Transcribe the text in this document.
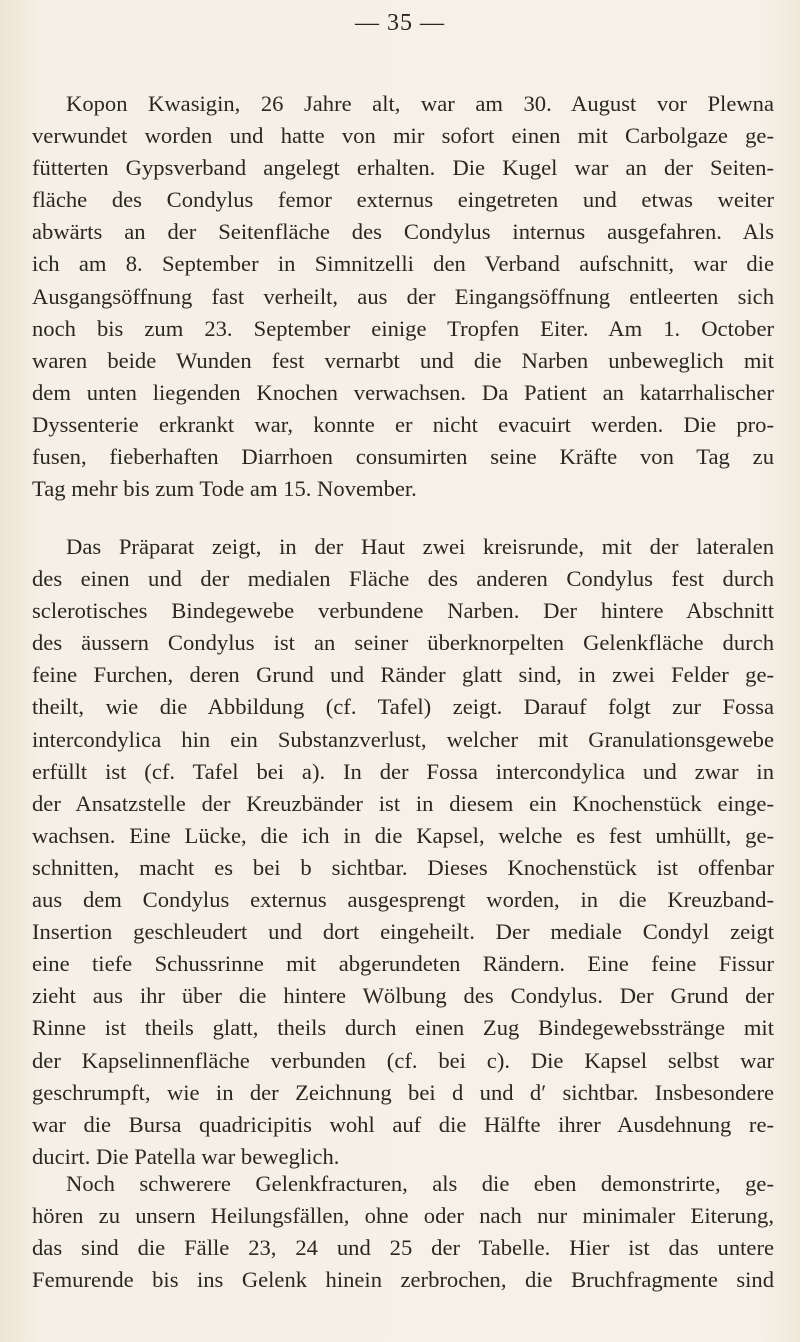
— 35 —
Kopon Kwasigin, 26 Jahre alt, war am 30. August vor Plewna
verwundet worden und hatte von mir sofort einen mit Carbolgaze ge-
fütterten Gypsverband angelegt erhalten. Die Kugel war an der Seiten-
fläche des Condylus femor externus eingetreten und etwas weiter
abwärts an der Seitenfläche des Condylus internus ausgefahren. Als
ich am 8. September in Simnitzelli den Verband aufschnitt, war die
Ausgangsöffnung fast verheilt, aus der Eingangsöffnung entleerten sich
noch bis zum 23. September einige Tropfen Eiter. Am 1. October
waren beide Wunden fest vernarbt und die Narben unbeweglich mit
dem unten liegenden Knochen verwachsen. Da Patient an katarrhalischer
Dyssenterie erkrankt war, konnte er nicht evacuirt werden. Die pro-
fusen, fieberhaften Diarrhoen consumirten seine Kräfte von Tag zu
Tag mehr bis zum Tode am 15. November.
Das Präparat zeigt, in der Haut zwei kreisrunde, mit der lateralen
des einen und der medialen Fläche des anderen Condylus fest durch
sclerotisches Bindegewebe verbundene Narben. Der hintere Abschnitt
des äussern Condylus ist an seiner überknorpelten Gelenkfläche durch
feine Furchen, deren Grund und Ränder glatt sind, in zwei Felder ge-
theilt, wie die Abbildung (cf. Tafel) zeigt. Darauf folgt zur Fossa
intercondylica hin ein Substanzverlust, welcher mit Granulationsgewebe
erfüllt ist (cf. Tafel bei a). In der Fossa intercondylica und zwar in
der Ansatzstelle der Kreuzbänder ist in diesem ein Knochenstück einge-
wachsen. Eine Lücke, die ich in die Kapsel, welche es fest umhüllt, ge-
schnitten, macht es bei b sichtbar. Dieses Knochenstück ist offenbar
aus dem Condylus externus ausgesprengt worden, in die Kreuzband-
Insertion geschleudert und dort eingeheilt. Der mediale Condyl zeigt
eine tiefe Schussrinne mit abgerundeten Rändern. Eine feine Fissur
zieht aus ihr über die hintere Wölbung des Condylus. Der Grund der
Rinne ist theils glatt, theils durch einen Zug Bindegewebsstränge mit
der Kapselinnenfläche verbunden (cf. bei c). Die Kapsel selbst war
geschrumpft, wie in der Zeichnung bei d und d′ sichtbar. Insbesondere
war die Bursa quadricipitis wohl auf die Hälfte ihrer Ausdehnung re-
ducirt. Die Patella war beweglich.
Noch schwerere Gelenkfracturen, als die eben demonstrirte, ge-
hören zu unsern Heilungsfällen, ohne oder nach nur minimaler Eiterung,
das sind die Fälle 23, 24 und 25 der Tabelle. Hier ist das untere
Femurende bis ins Gelenk hinein zerbrochen, die Bruchfragmente sind
